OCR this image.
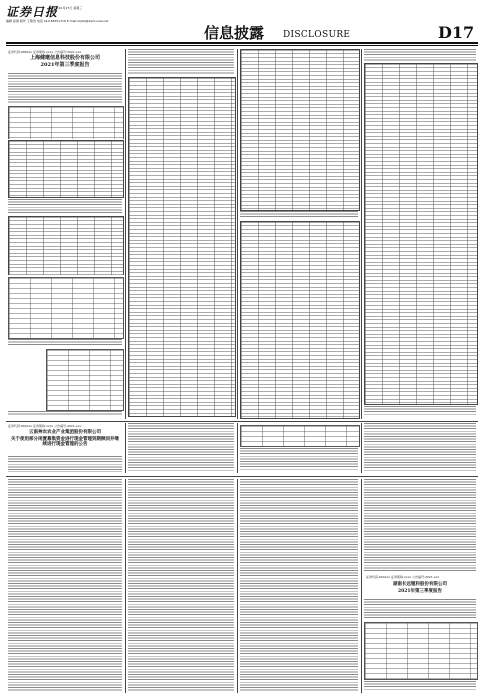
证券日报
2021年10月27日 星期三
编辑 孙倩 制作 王敬涛 电话 010-83251716 E-mail:zqrb9@zqrb.sina.net
信息披露 DISCLOSURE	D17
证券代码:688xxx 证券简称:xxxx 公告编号:2021-xxx
上海健麾信息科技股份有限公司
2021年第三季度报告
证券代码:600xxx 证券简称:xxxx 公告编号:2021-xxx
云南神农农业产业集团股份有限公司
关于使用部分闲置募集资金进行现金管理到期赎回并继续进行现金管理的公告
证券代码:600xxx 证券简称:xxxx 公告编号:2021-xxx
湖南长远锂科股份有限公司
2021年第三季度报告
